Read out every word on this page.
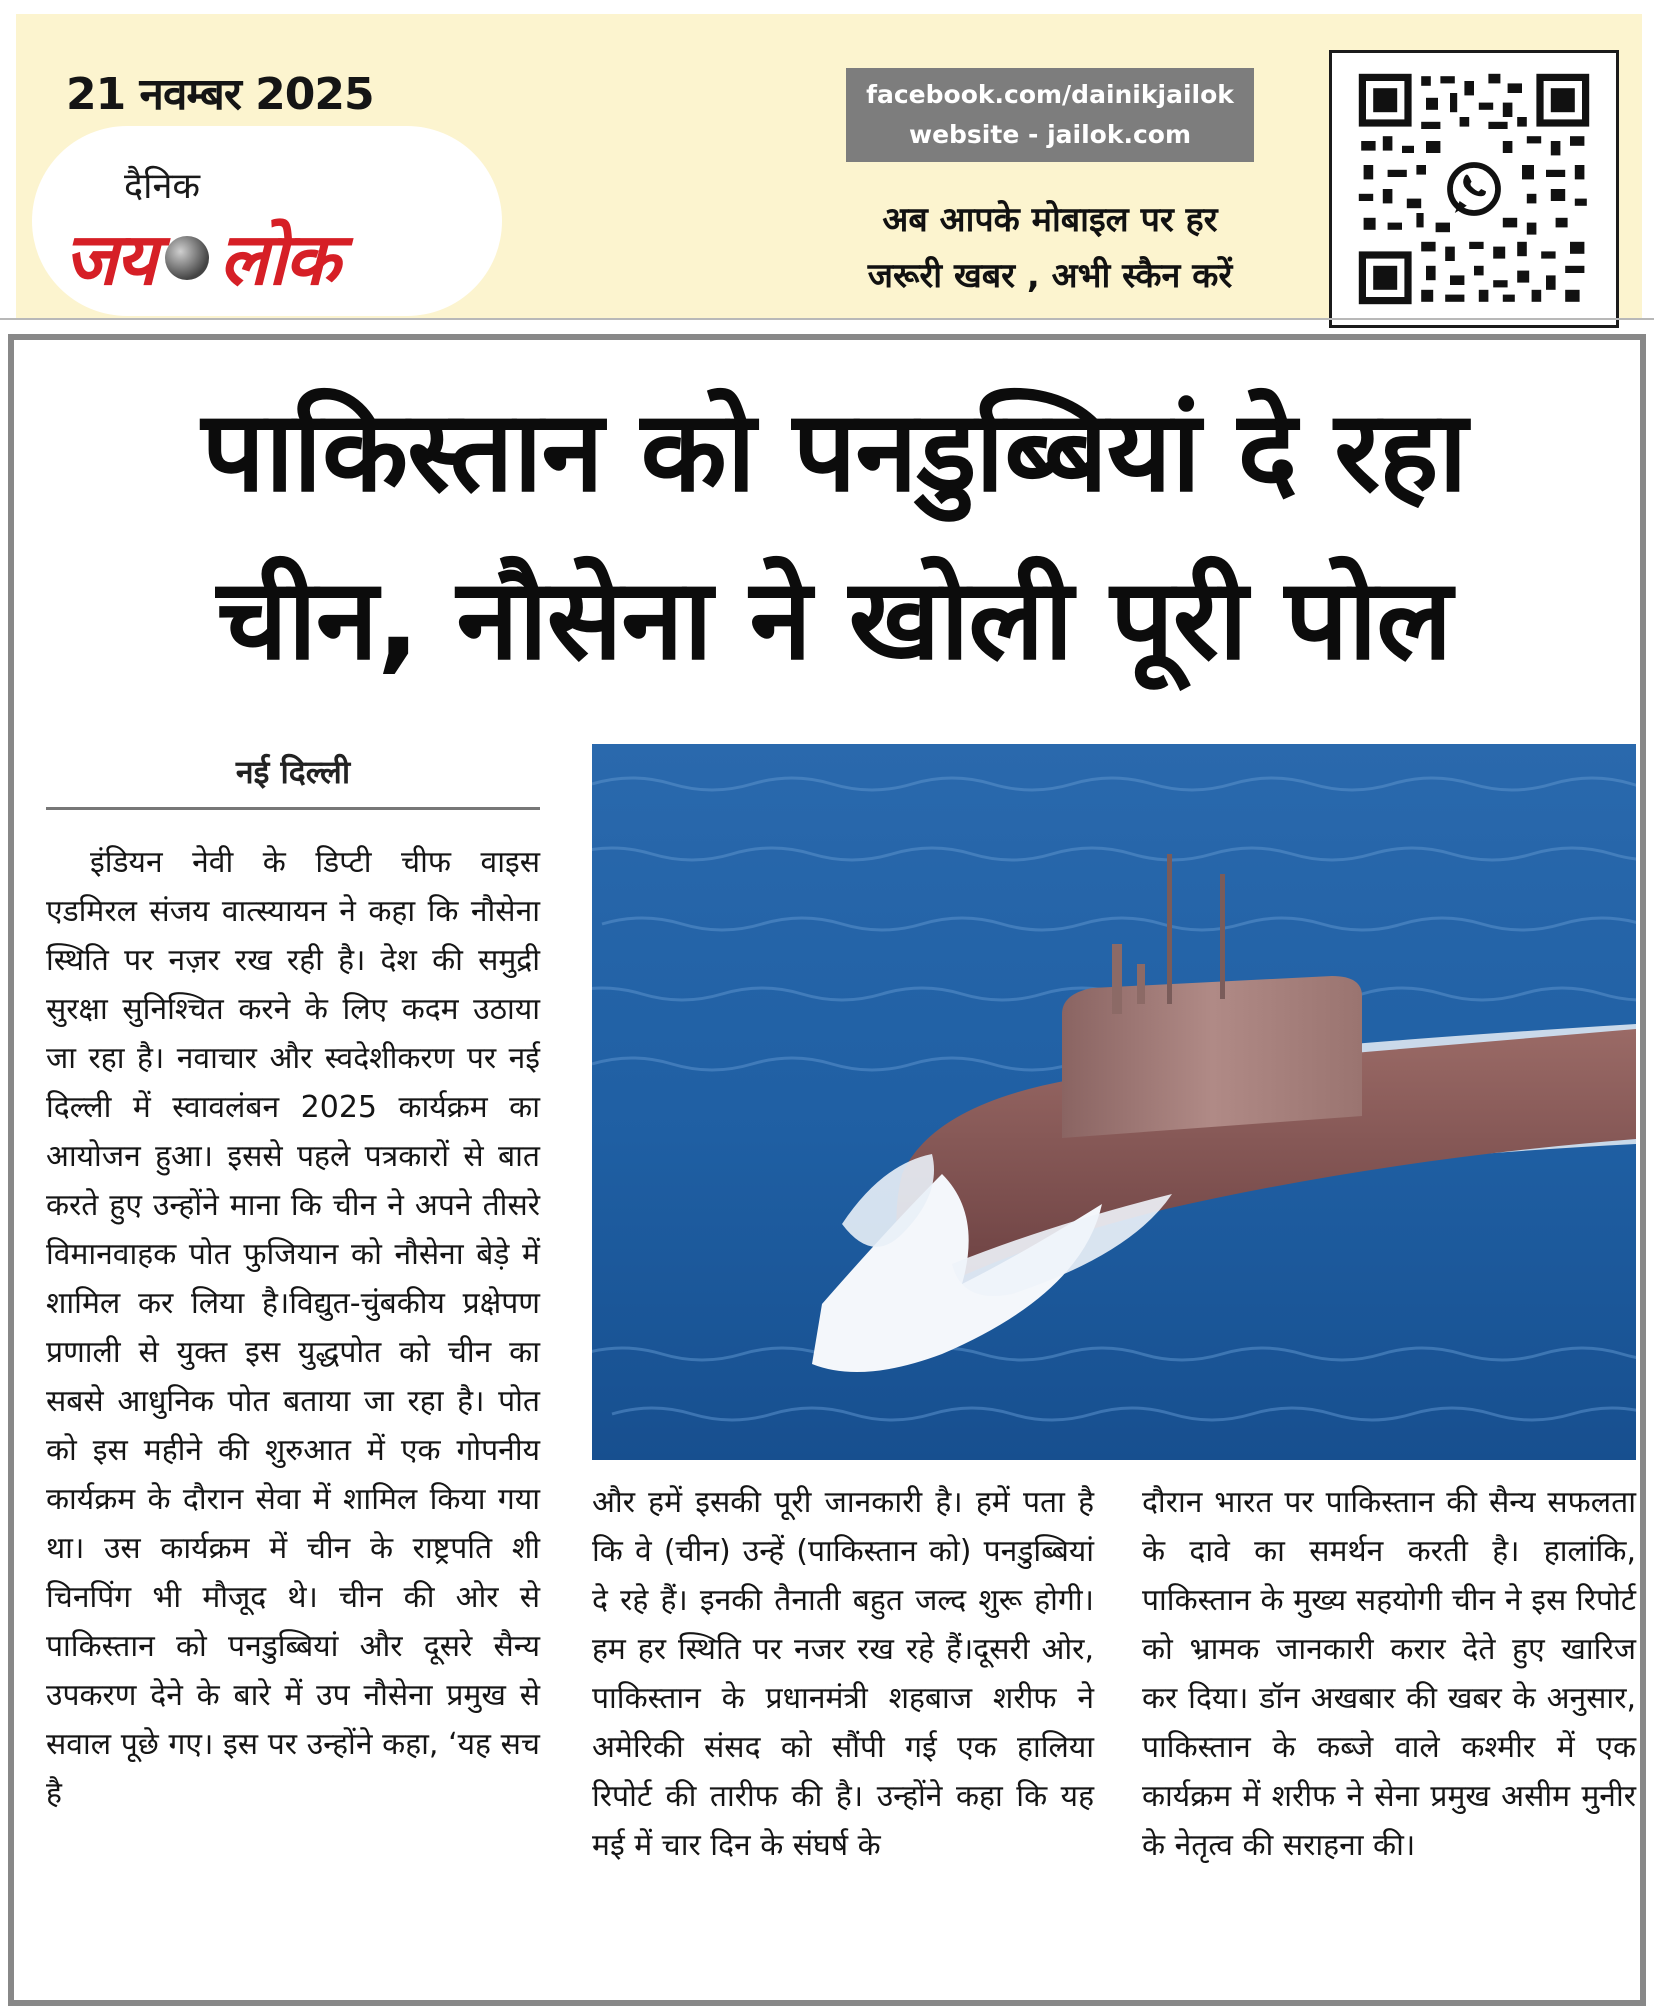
21 नवम्बर 2025
दैनिक
जय लोक
facebook.com/dainikjailok
website - jailok.com
अब आपके मोबाइल पर हर
जरूरी खबर , अभी स्कैन करें
पाकिस्तान को पनडुब्बियां दे रहा
चीन, नौसेना ने खोली पूरी पोल
नई दिल्ली

इंडियन नेवी के डिप्टी चीफ वाइस एडमिरल संजय वात्स्यायन ने कहा कि नौसेना स्थिति पर नज़र रख रही है। देश की समुद्री सुरक्षा सुनिश्चित करने के लिए कदम उठाया जा रहा है। नवाचार और स्वदेशीकरण पर नई दिल्ली में स्वावलंबन 2025 कार्यक्रम का आयोजन हुआ। इससे पहले पत्रकारों से बात करते हुए उन्होंने माना कि चीन ने अपने तीसरे विमानवाहक पोत फुजियान को नौसेना बेड़े में शामिल कर लिया है।विद्युत-चुंबकीय प्रक्षेपण प्रणाली से युक्त इस युद्धपोत को चीन का सबसे आधुनिक पोत बताया जा रहा है। पोत को इस महीने की शुरुआत में एक गोपनीय कार्यक्रम के दौरान सेवा में शामिल किया गया था। उस कार्यक्रम में चीन के राष्ट्रपति शी चिनपिंग भी मौजूद थे। चीन की ओर से पाकिस्तान को पनडुब्बियां और दूसरे सैन्य उपकरण देने के बारे में उप नौसेना प्रमुख से सवाल पूछे गए। इस पर उन्होंने कहा, ‘यह सच है

और हमें इसकी पूरी जानकारी है। हमें पता है कि वे (चीन) उन्हें (पाकिस्तान को) पनडुब्बियां दे रहे हैं। इनकी तैनाती बहुत जल्द शुरू होगी। हम हर स्थिति पर नजर रख रहे हैं।दूसरी ओर, पाकिस्तान के प्रधानमंत्री शहबाज शरीफ ने अमेरिकी संसद को सौंपी गई एक हालिया रिपोर्ट की तारीफ की है। उन्होंने कहा कि यह मई में चार दिन के संघर्ष के

दौरान भारत पर पाकिस्तान की सैन्य सफलता के दावे का समर्थन करती है। हालांकि, पाकिस्तान के मुख्य सहयोगी चीन ने इस रिपोर्ट को भ्रामक जानकारी करार देते हुए खारिज कर दिया। डॉन अखबार की खबर के अनुसार, पाकिस्तान के कब्जे वाले कश्मीर में एक कार्यक्रम में शरीफ ने सेना प्रमुख असीम मुनीर के नेतृत्व की सराहना की।
